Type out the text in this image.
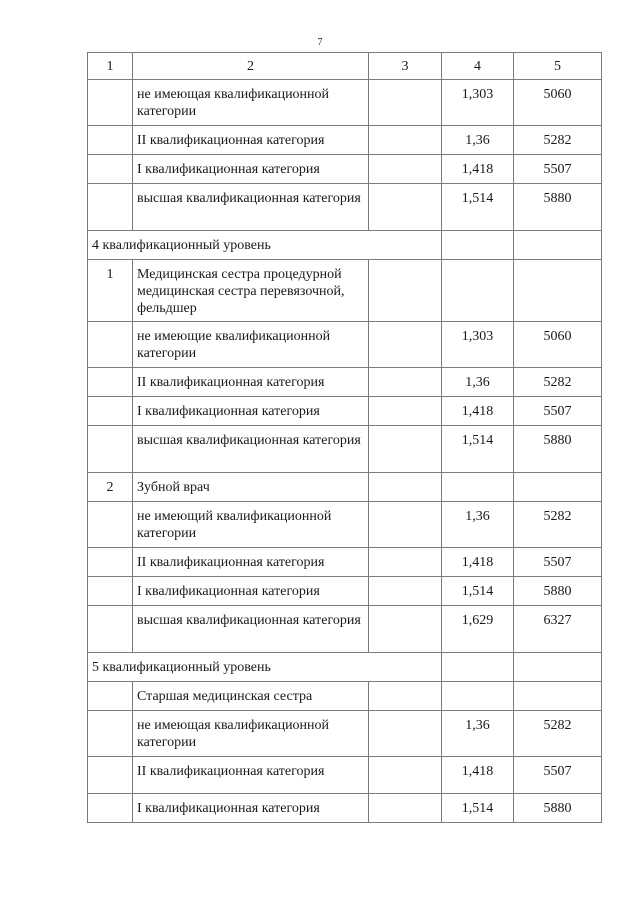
7
1	2	3	4	5
	не имеющая квалификационной категории		1,303	5060
	II квалификационная категория		1,36	5282
	I квалификационная категория		1,418	5507
	высшая квалификационная категория		1,514	5880
4 квалификационный уровень				
1	Медицинская сестра процедурной медицинская сестра перевязочной, фельдшер			
	не имеющие квалификационной категории		1,303	5060
	II квалификационная категория		1,36	5282
	I квалификационная категория		1,418	5507
	высшая квалификационная категория		1,514	5880
2	Зубной врач			
	не имеющий квалификационной категории		1,36	5282
	II квалификационная категория		1,418	5507
	I квалификационная категория		1,514	5880
	высшая квалификационная категория		1,629	6327
5 квалификационный уровень				
	Старшая медицинская сестра			
	не имеющая квалификационной категории		1,36	5282
	II квалификационная категория		1,418	5507
	I квалификационная категория		1,514	5880
